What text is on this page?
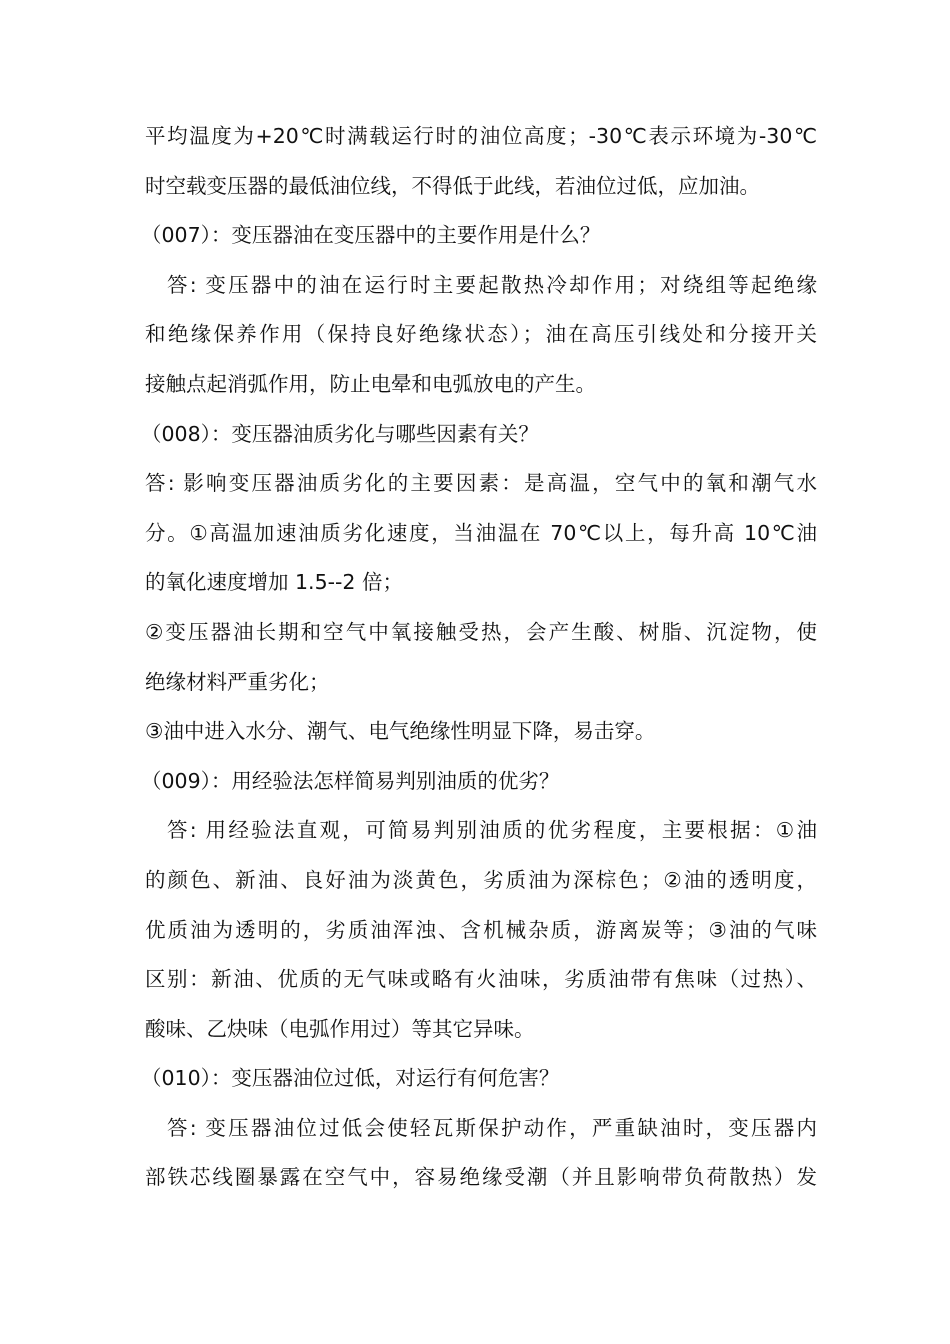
平均温度为+20℃时满载运行时的油位高度；-30℃表示环境为-30℃
时空载变压器的最低油位线，不得低于此线，若油位过低，应加油。
（007）：变压器油在变压器中的主要作用是什么？
答: 变压器中的油在运行时主要起散热冷却作用；对绕组等起绝缘
和绝缘保养作用（保持良好绝缘状态）；油在高压引线处和分接开关
接触点起消弧作用，防止电晕和电弧放电的产生。
（008）：变压器油质劣化与哪些因素有关？
答: 影响变压器油质劣化的主要因素：是高温，空气中的氧和潮气水
分。①高温加速油质劣化速度，当油温在 70℃以上，每升高 10℃油
的氧化速度增加 1.5--2 倍；
②变压器油长期和空气中氧接触受热，会产生酸、树脂、沉淀物，使
绝缘材料严重劣化；
③油中进入水分、潮气、电气绝缘性明显下降，易击穿。
（009）：用经验法怎样简易判别油质的优劣？
答: 用经验法直观，可简易判别油质的优劣程度，主要根据：①油
的颜色、新油、良好油为淡黄色，劣质油为深棕色；②油的透明度，
优质油为透明的，劣质油浑浊、含机械杂质，游离炭等；③油的气味
区别：新油、优质的无气味或略有火油味，劣质油带有焦味（过热）、
酸味、乙炔味（电弧作用过）等其它异味。
（010）：变压器油位过低，对运行有何危害？
答: 变压器油位过低会使轻瓦斯保护动作，严重缺油时，变压器内
部铁芯线圈暴露在空气中，容易绝缘受潮（并且影响带负荷散热）发
